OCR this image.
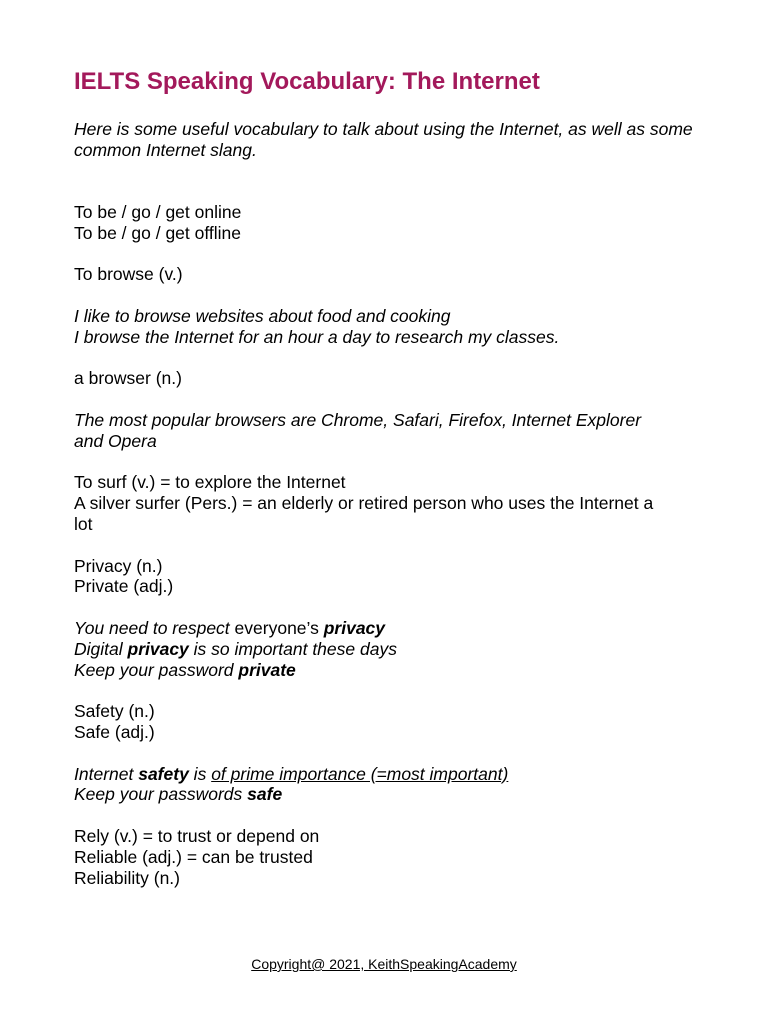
IELTS Speaking Vocabulary: The Internet
Here is some useful vocabulary to talk about using the Internet, as well as some common Internet slang.
To be / go / get online
To be / go / get offline
To browse (v.)
I like to browse websites about food and cooking
I browse the Internet for an hour a day to research my classes.
a browser (n.)
The most popular browsers are Chrome, Safari, Firefox, Internet Explorer and Opera
To surf (v.) = to explore the Internet
A silver surfer (Pers.) = an elderly or retired person who uses the Internet a lot
Privacy (n.)
Private (adj.)
You need to respect everyone’s privacy
Digital privacy is so important these days
Keep your password private
Safety (n.)
Safe (adj.)
Internet safety is of prime importance (=most important)
Keep your passwords safe
Rely (v.) = to trust or depend on
Reliable (adj.) = can be trusted
Reliability (n.)
Copyright@ 2021, KeithSpeakingAcademy
